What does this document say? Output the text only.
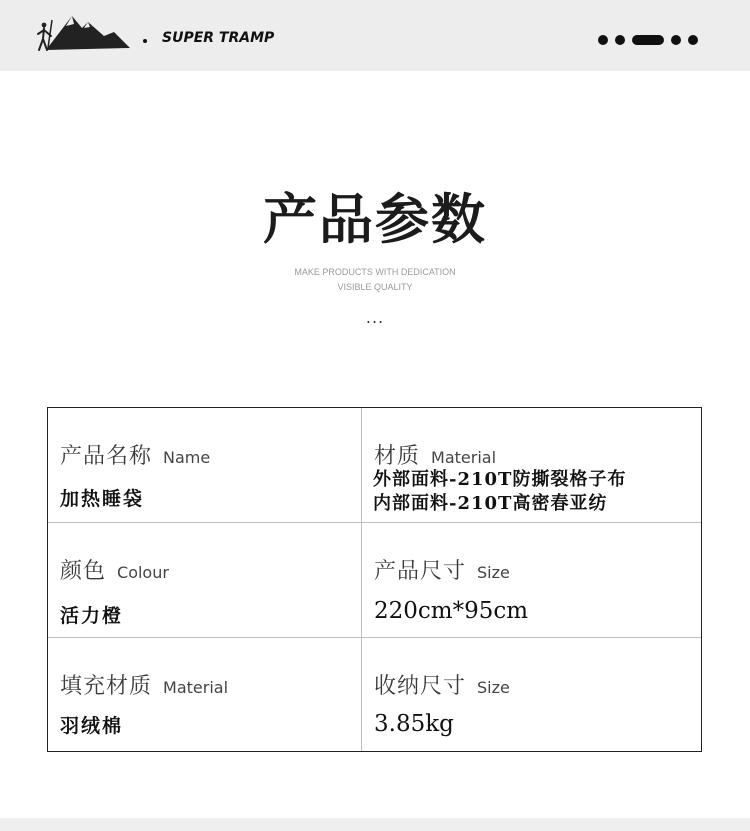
SUPER TRAMP
产品参数
MAKE PRODUCTS WITH DEDICATION
VISIBLE QUALITY
...
产品名称 Name
加热睡袋
材质 Material
外部面料-210T防撕裂格子布
内部面料-210T高密春亚纺
颜色 Colour
活力橙
产品尺寸 Size
220cm*95cm
填充材质 Material
羽绒棉
收纳尺寸 Size
3.85kg
